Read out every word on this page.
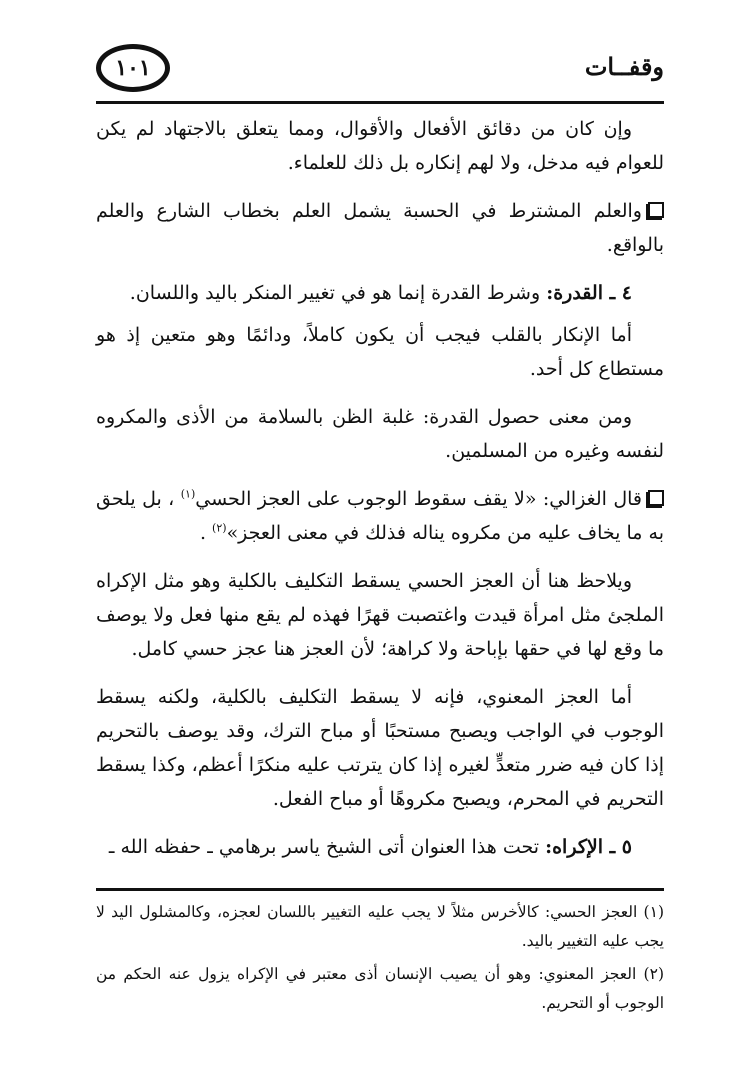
وقفــات
١٠١

وإن كان من دقائق الأفعال والأقوال، ومما يتعلق بالاجتهاد لم يكن للعوام فيه مدخل، ولا لهم إنكاره بل ذلك للعلماء.

والعلم المشترط في الحسبة يشمل العلم بخطاب الشارع والعلم بالواقع.

٤ ـ القدرة: وشرط القدرة إنما هو في تغيير المنكر باليد واللسان.

أما الإنكار بالقلب فيجب أن يكون كاملاً، ودائمًا وهو متعين إذ هو مستطاع كل أحد.

ومن معنى حصول القدرة: غلبة الظن بالسلامة من الأذى والمكروه لنفسه وغيره من المسلمين.

قال الغزالي: «لا يقف سقوط الوجوب على العجز الحسي$^{(١)}$ ، بل يلحق به ما يخاف عليه من مكروه يناله فذلك في معنى العجز»$^{(٢)}$ .

ويلاحظ هنا أن العجز الحسي يسقط التكليف بالكلية وهو مثل الإكراه الملجئ مثل امرأة قيدت واغتصبت قهرًا فهذه لم يقع منها فعل ولا يوصف ما وقع لها في حقها بإباحة ولا كراهة؛ لأن العجز هنا عجز حسي كامل.

أما العجز المعنوي، فإنه لا يسقط التكليف بالكلية، ولكنه يسقط الوجوب في الواجب ويصبح مستحبًا أو مباح الترك، وقد يوصف بالتحريم إذا كان فيه ضرر متعدٍّ لغيره إذا كان يترتب عليه منكرًا أعظم، وكذا يسقط التحريم في المحرم، ويصبح مكروهًا أو مباح الفعل.

٥ ـ الإكراه: تحت هذا العنوان أتى الشيخ ياسر برهامي ـ حفظه الله ـ

(١) العجز الحسي: كالأخرس مثلاً لا يجب عليه التغيير باللسان لعجزه، وكالمشلول اليد لا يجب عليه التغيير باليد.

(٢) العجز المعنوي: وهو أن يصيب الإنسان أذى معتبر في الإكراه يزول عنه الحكم من الوجوب أو التحريم.
